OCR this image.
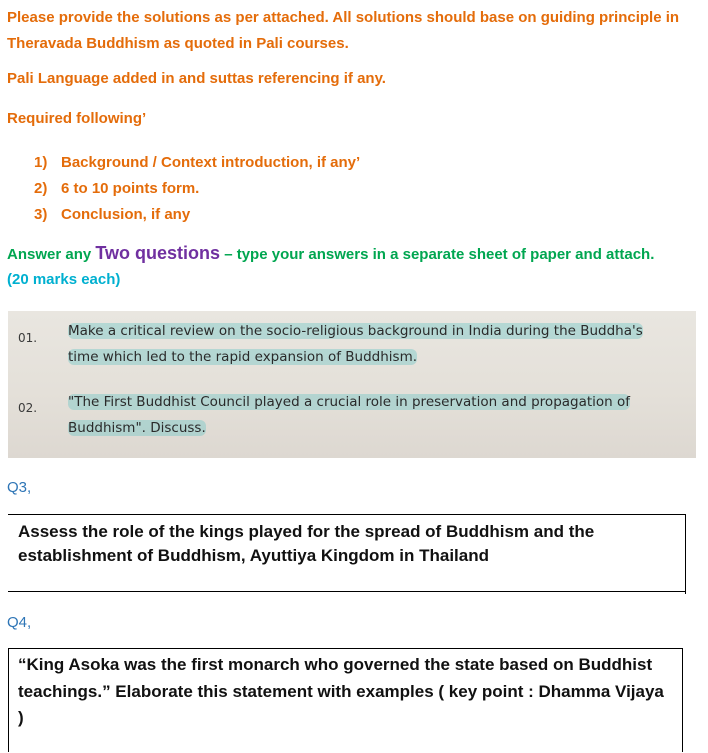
Please provide the solutions as per attached. All solutions should base on guiding principle in Theravada Buddhism as quoted in Pali courses.
Pali Language added in and suttas referencing if any.
Required following’
1) Background / Context introduction, if any’
2) 6 to 10 points form.
3) Conclusion, if any
Answer any Two questions – type your answers in a separate sheet of paper and attach.
(20 marks each)
01. Make a critical review on the socio-religious background in India during the Buddha's
time which led to the rapid expansion of Buddhism.
02. "The First Buddhist Council played a crucial role in preservation and propagation of
Buddhism". Discuss.
Q3,
Assess the role of the kings played for the spread of Buddhism and the establishment of Buddhism, Ayuttiya Kingdom in Thailand
Q4,
“King Asoka was the first monarch who governed the state based on Buddhist teachings.” Elaborate this statement with examples ( key point : Dhamma Vijaya )
